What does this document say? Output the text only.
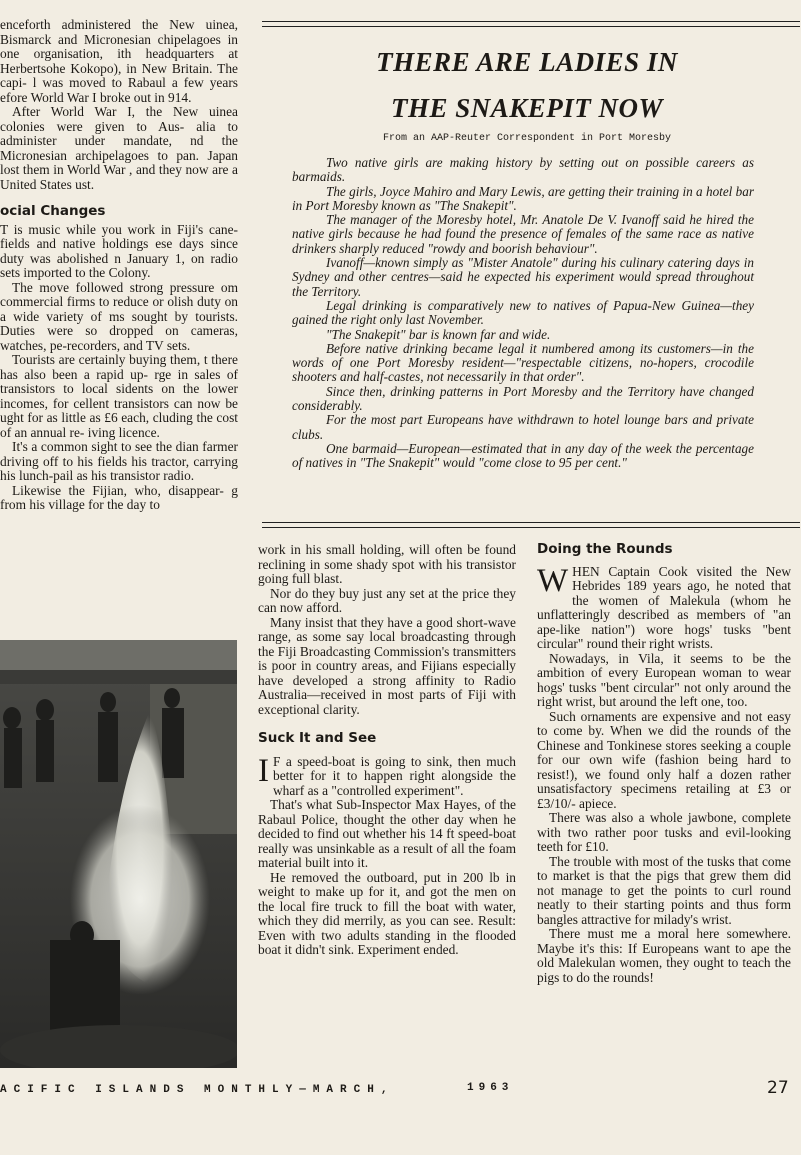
enceforth administered the New uinea, Bismarck and Micronesian chipelagoes in one organisation, ith headquarters at Herbertsohe Kokopo), in New Britain. The capi- l was moved to Rabaul a few years efore World War I broke out in 914.

After World War I, the New uinea colonies were given to Aus- alia to administer under mandate, nd the Micronesian archipelagoes to pan. Japan lost them in World War , and they now are a United States ust.

ocial Changes

T is music while you work in Fiji's cane-fields and native holdings ese days since duty was abolished n January 1, on radio sets imported to the Colony.

The move followed strong pressure om commercial firms to reduce or olish duty on a wide variety of ms sought by tourists. Duties were so dropped on cameras, watches, pe-recorders, and TV sets.

Tourists are certainly buying them, t there has also been a rapid up- rge in sales of transistors to local sidents on the lower incomes, for cellent transistors can now be ught for as little as £6 each, cluding the cost of an annual re- iving licence.

It's a common sight to see the dian farmer driving off to his fields his tractor, carrying his lunch-pail as his transistor radio.

Likewise the Fijian, who, disappear- g from his village for the day to

THERE ARE LADIES IN
THE SNAKEPIT NOW

From an AAP-Reuter Correspondent in Port Moresby

Two native girls are making history by setting out on possible careers as barmaids.

The girls, Joyce Mahiro and Mary Lewis, are getting their training in a hotel bar in Port Moresby known as "The Snakepit".

The manager of the Moresby hotel, Mr. Anatole De V. Ivanoff said he hired the native girls because he had found the presence of females of the same race as native drinkers sharply reduced "rowdy and boorish behaviour".

Ivanoff—known simply as "Mister Anatole" during his culinary catering days in Sydney and other centres—said he expected his experiment would spread throughout the Territory.

Legal drinking is comparatively new to natives of Papua-New Guinea—they gained the right only last November.

"The Snakepit" bar is known far and wide.

Before native drinking became legal it numbered among its customers—in the words of one Port Moresby resident—"respectable citizens, no-hopers, crocodile shooters and half-castes, not necessarily in that order".

Since then, drinking patterns in Port Moresby and the Territory have changed considerably.

For the most part Europeans have withdrawn to hotel lounge bars and private clubs.

One barmaid—European—estimated that in any day of the week the percentage of natives in "The Snakepit" would "come close to 95 per cent."

work in his small holding, will often be found reclining in some shady spot with his transistor going full blast.

Nor do they buy just any set at the price they can now afford.

Many insist that they have a good short-wave range, as some say local broadcasting through the Fiji Broadcasting Commission's transmitters is poor in country areas, and Fijians especially have developed a strong affinity to Radio Australia—received in most parts of Fiji with exceptional clarity.

Suck It and See

I F a speed-boat is going to sink, then much better for it to happen right alongside the wharf as a "controlled experiment".

That's what Sub-Inspector Max Hayes, of the Rabaul Police, thought the other day when he decided to find out whether his 14 ft speed-boat really was unsinkable as a result of all the foam material built into it.

He removed the outboard, put in 200 lb in weight to make up for it, and got the men on the local fire truck to fill the boat with water, which they did merrily, as you can see. Result: Even with two adults standing in the flooded boat it didn't sink. Experiment ended.

Doing the Rounds

WHEN Captain Cook visited the New Hebrides 189 years ago, he noted that the women of Malekula (whom he unflatteringly described as members of "an ape-like nation") wore hogs' tusks "bent circular" round their right wrists.

Nowadays, in Vila, it seems to be the ambition of every European woman to wear hogs' tusks "bent circular" not only around the right wrist, but around the left one, too.

Such ornaments are expensive and not easy to come by. When we did the rounds of the Chinese and Tonkinese stores seeking a couple for our own wife (fashion being hard to resist!), we found only half a dozen rather unsatisfactory specimens retailing at £3 or £3/10/- apiece.

There was also a whole jawbone, complete with two rather poor tusks and evil-looking teeth for £10.

The trouble with most of the tusks that come to market is that the pigs that grew them did not manage to get the points to curl round neatly to their starting points and thus form bangles attractive for milady's wrist.

There must me a moral here somewhere. Maybe it's this: If Europeans want to ape the old Malekulan women, they ought to teach the pigs to do the rounds!

ACIFIC ISLANDS MONTHLY—MARCH,	1963	27
